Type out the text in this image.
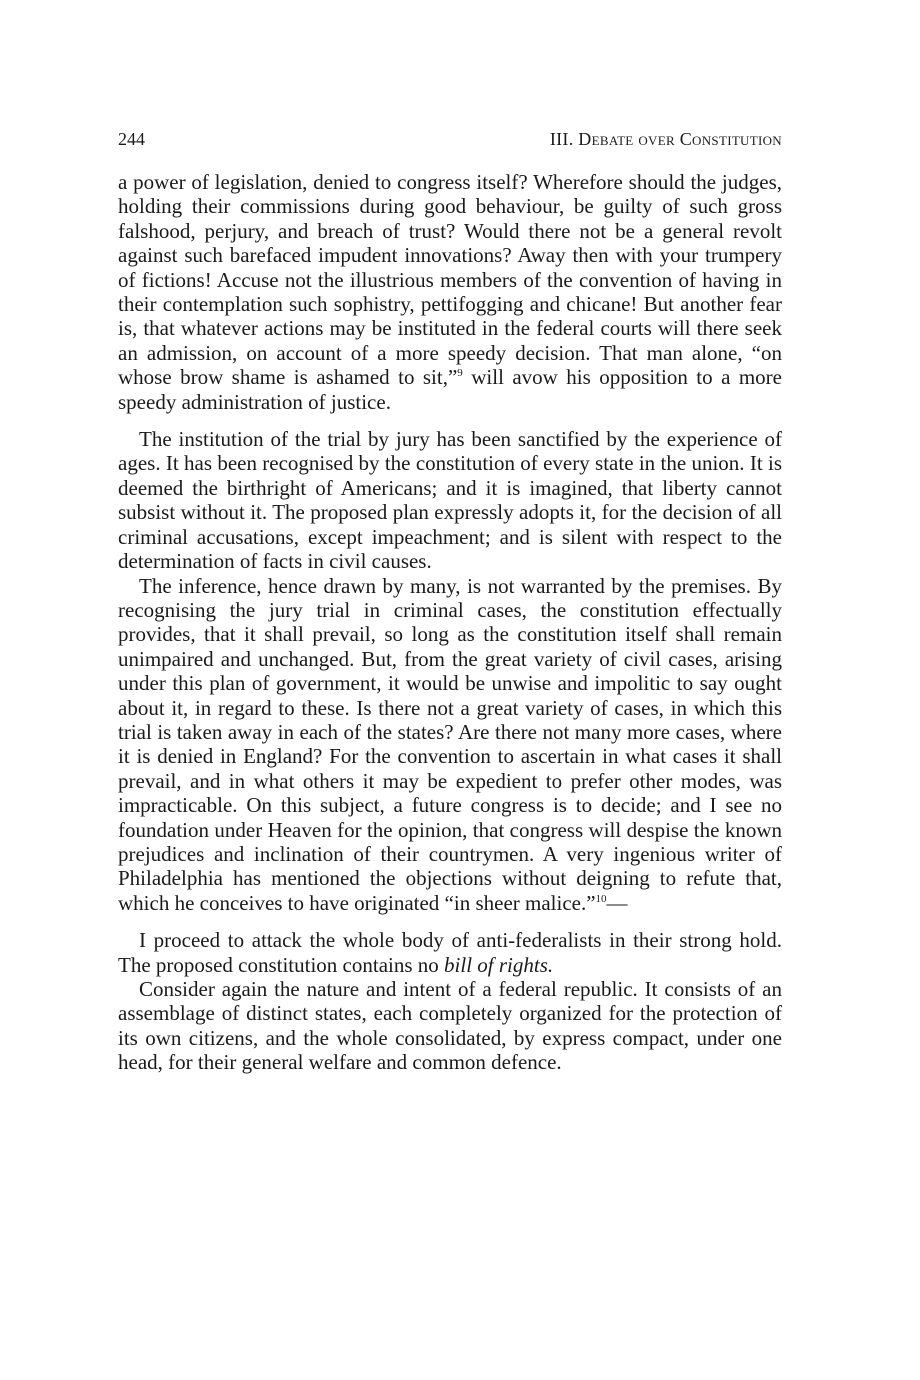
244	III. Debate over Constitution

a power of legislation, denied to congress itself? Wherefore should the judges, holding their commissions during good behaviour, be guilty of such gross falshood, perjury, and breach of trust? Would there not be a general revolt against such barefaced impudent innovations? Away then with your trumpery of fictions! Accuse not the illustrious members of the convention of having in their contemplation such sophistry, pettifogging and chicane! But another fear is, that whatever actions may be instituted in the federal courts will there seek an admission, on account of a more speedy decision. That man alone, “on whose brow shame is ashamed to sit,”$^9$ will avow his opposition to a more speedy administration of justice.

The institution of the trial by jury has been sanctified by the experience of ages. It has been recognised by the constitution of every state in the union. It is deemed the birthright of Americans; and it is imagined, that liberty cannot subsist without it. The proposed plan expressly adopts it, for the decision of all criminal accusations, except impeachment; and is silent with respect to the determination of facts in civil causes.

The inference, hence drawn by many, is not warranted by the premises. By recognising the jury trial in criminal cases, the constitution effectually provides, that it shall prevail, so long as the constitution itself shall remain unimpaired and unchanged. But, from the great variety of civil cases, arising under this plan of government, it would be unwise and impolitic to say ought about it, in regard to these. Is there not a great variety of cases, in which this trial is taken away in each of the states? Are there not many more cases, where it is denied in England? For the convention to ascertain in what cases it shall prevail, and in what others it may be expedient to prefer other modes, was impracticable. On this subject, a future congress is to decide; and I see no foundation under Heaven for the opinion, that congress will despise the known prejudices and inclination of their countrymen. A very ingenious writer of Philadelphia has mentioned the objections without deigning to refute that, which he conceives to have originated “in sheer malice.”$^{10}$—

I proceed to attack the whole body of anti-federalists in their strong hold. The proposed constitution contains no bill of rights.

Consider again the nature and intent of a federal republic. It consists of an assemblage of distinct states, each completely organized for the protection of its own citizens, and the whole consolidated, by express compact, under one head, for their general welfare and common defence.
